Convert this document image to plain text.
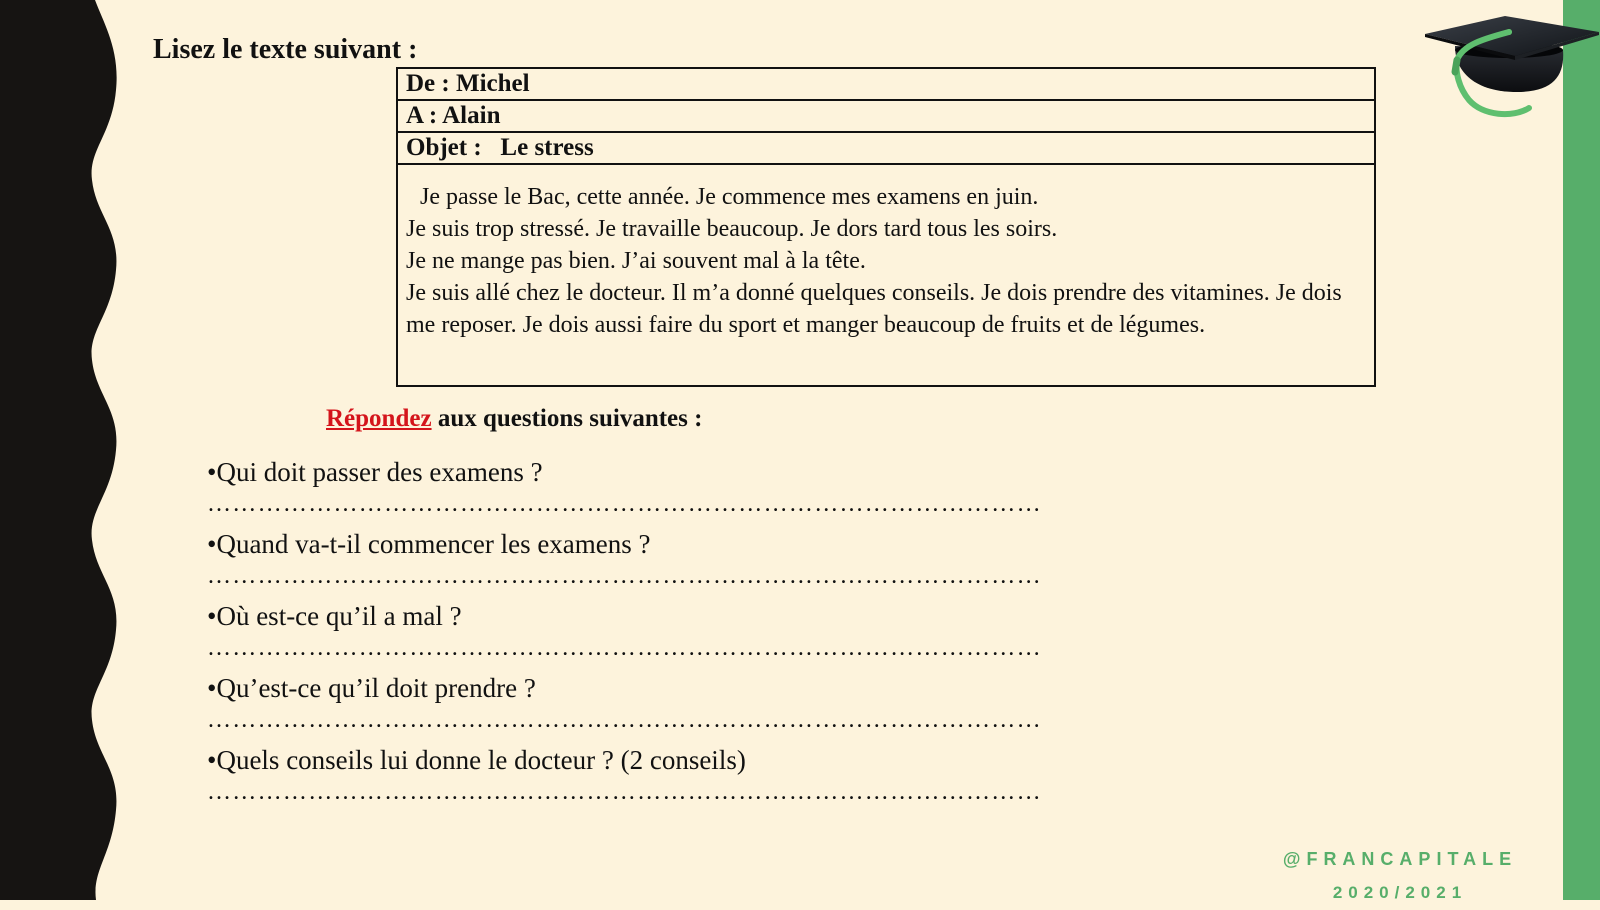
Lisez le texte suivant :
De : Michel
A : Alain
Objet : Le stress

Je passe le Bac, cette année. Je commence mes examens en juin.

Je suis trop stressé. Je travaille beaucoup. Je dors tard tous les soirs.

Je ne mange pas bien. J’ai souvent mal à la tête.

Je suis allé chez le docteur. Il m’a donné quelques conseils. Je dois prendre des vitamines. Je dois me reposer. Je dois aussi faire du sport et manger beaucoup de fruits et de légumes.

Répondez aux questions suivantes :

•Qui doit passer des examens ?
………………………………………………………………………………………
•Quand va-t-il commencer les examens ?
………………………………………………………………………………………
•Où est-ce qu’il a mal ?
………………………………………………………………………………………
•Qu’est-ce qu’il doit prendre ?
………………………………………………………………………………………
•Quels conseils lui donne le docteur ? (2 conseils)
………………………………………………………………………………………
@FRANCAPITALE
2020/2021
